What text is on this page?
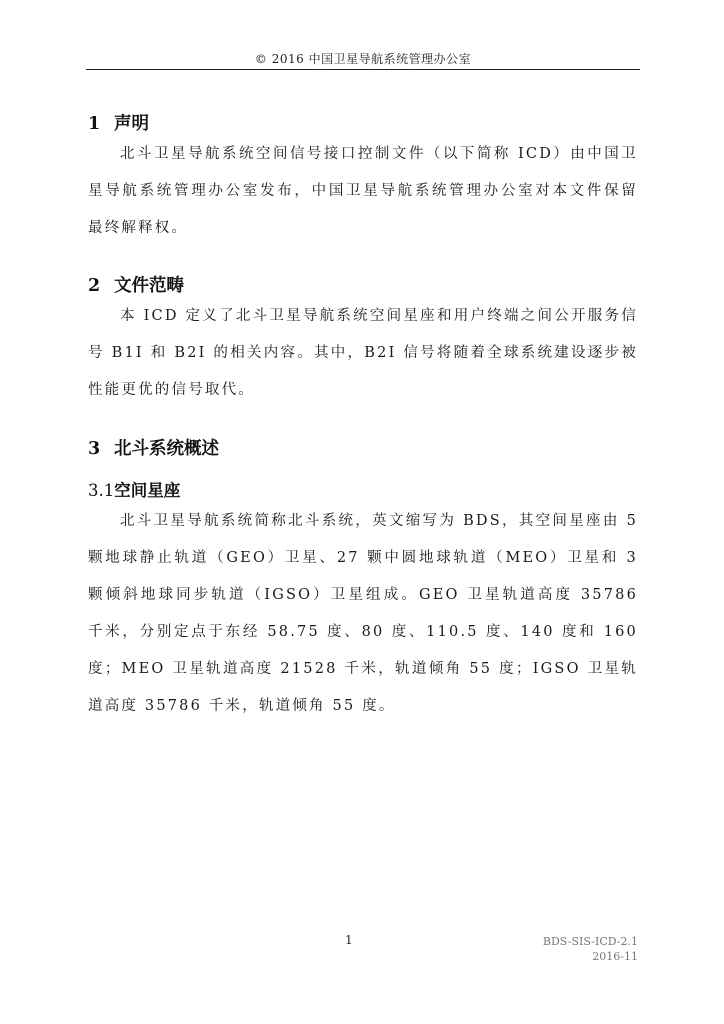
© 2016 中国卫星导航系统管理办公室
1 声明

北斗卫星导航系统空间信号接口控制文件（以下简称 ICD）由中国卫星导航系统管理办公室发布，中国卫星导航系统管理办公室对本文件保留最终解释权。

2 文件范畴

本 ICD 定义了北斗卫星导航系统空间星座和用户终端之间公开服务信号 B1I 和 B2I 的相关内容。其中，B2I 信号将随着全球系统建设逐步被性能更优的信号取代。

3 北斗系统概述
3.1空间星座

北斗卫星导航系统简称北斗系统，英文缩写为 BDS，其空间星座由 5 颗地球静止轨道（GEO）卫星、27 颗中圆地球轨道（MEO）卫星和 3 颗倾斜地球同步轨道（IGSO）卫星组成。GEO 卫星轨道高度 35786 千米，分别定点于东经 58.75 度、80 度、110.5 度、140 度和 160 度；MEO 卫星轨道高度 21528 千米，轨道倾角 55 度；IGSO 卫星轨道高度 35786 千米，轨道倾角 55 度。

1	BDS-SIS-ICD-2.1
2016-11
